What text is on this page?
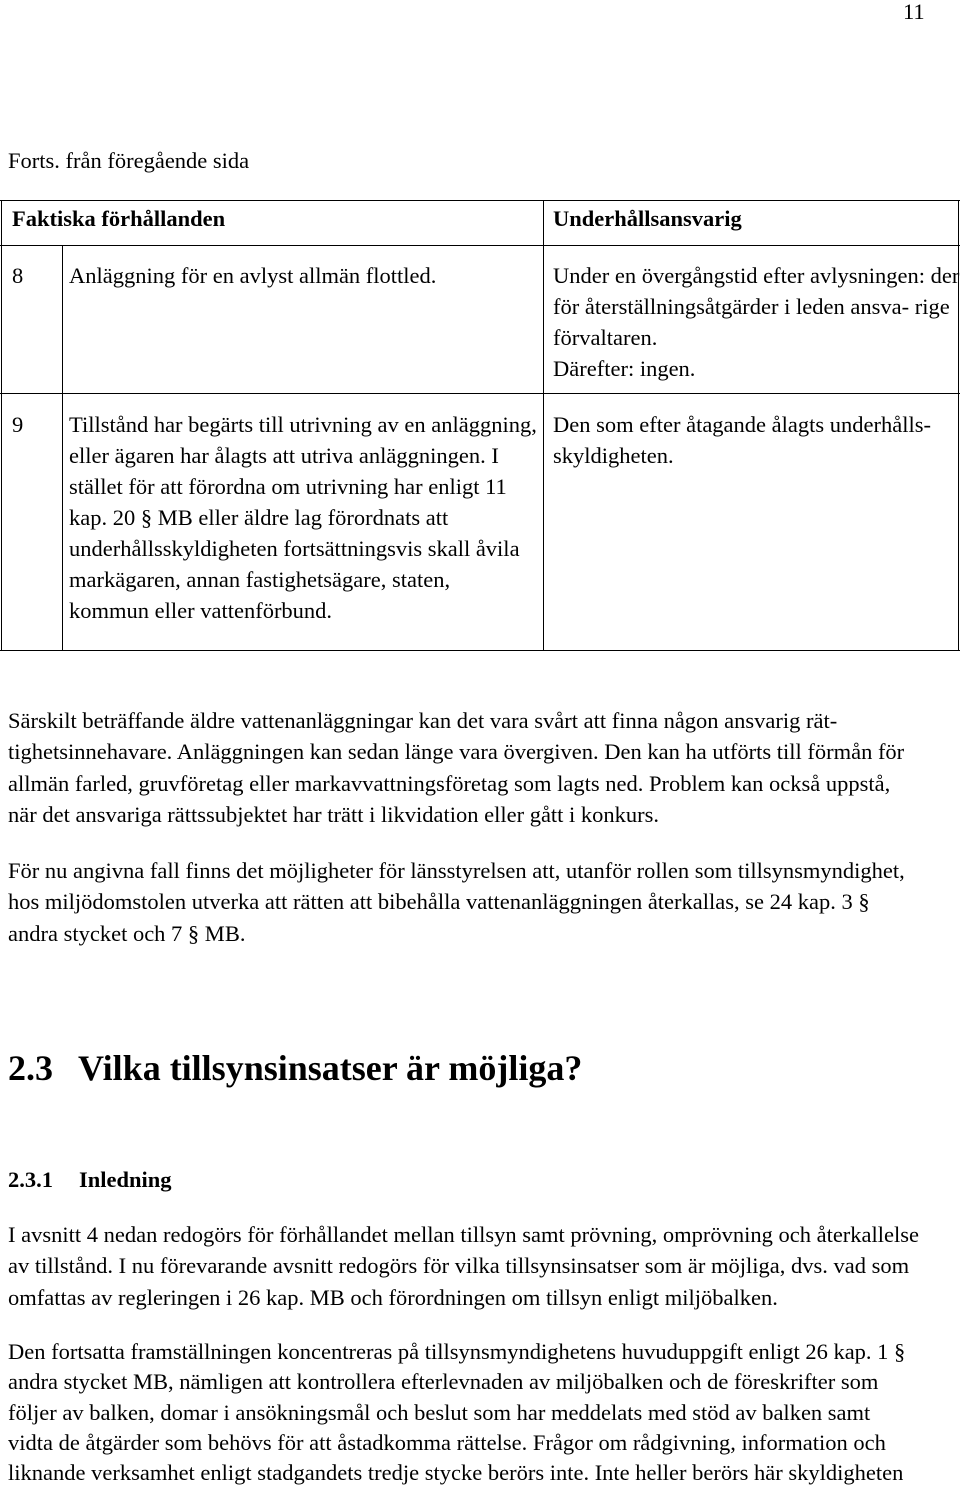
11
Forts. från föregående sida
Faktiska förhållanden	Underhållsansvarig
8 Anläggning för en avlyst allmän flottled.	Under en övergångstid efter avlysningen: der
för återställningsåtgärder i leden ansva- rige
förvaltaren.
Därefter: ingen.
9 Tillstånd har begärts till utrivning av en anläggning,
eller ägaren har ålagts att utriva anläggningen. I
stället för att förordna om utrivning har enligt 11
kap. 20 § MB eller äldre lag förordnats att
underhållsskyldigheten fortsättningsvis skall åvila
markägaren, annan fastighetsägare, staten,
kommun eller vattenförbund.
Den som efter åtagande ålagts underhålls-
skyldigheten.
Särskilt beträffande äldre vattenanläggningar kan det vara svårt att finna någon ansvarig rät-
tighetsinnehavare. Anläggningen kan sedan länge vara övergiven. Den kan ha utförts till förmån för
allmän farled, gruvföretag eller markavvattningsföretag som lagts ned. Problem kan också uppstå,
när det ansvariga rättssubjektet har trätt i likvidation eller gått i konkurs.
För nu angivna fall finns det möjligheter för länsstyrelsen att, utanför rollen som tillsynsmyndighet,
hos miljödomstolen utverka att rätten att bibehålla vattenanläggningen återkallas, se 24 kap. 3 §
andra stycket och 7 § MB.
2.3 Vilka tillsynsinsatser är möjliga?
2.3.1 Inledning
I avsnitt 4 nedan redogörs för förhållandet mellan tillsyn samt prövning, omprövning och återkallelse
av tillstånd. I nu förevarande avsnitt redogörs för vilka tillsynsinsatser som är möjliga, dvs. vad som
omfattas av regleringen i 26 kap. MB och förordningen om tillsyn enligt miljöbalken.
Den fortsatta framställningen koncentreras på tillsynsmyndighetens huvuduppgift enligt 26 kap. 1 §
andra stycket MB, nämligen att kontrollera efterlevnaden av miljöbalken och de föreskrifter som
följer av balken, domar i ansökningsmål och beslut som har meddelats med stöd av balken samt
vidta de åtgärder som behövs för att åstadkomma rättelse. Frågor om rådgivning, information och
liknande verksamhet enligt stadgandets tredje stycke berörs inte. Inte heller berörs här skyldigheten
